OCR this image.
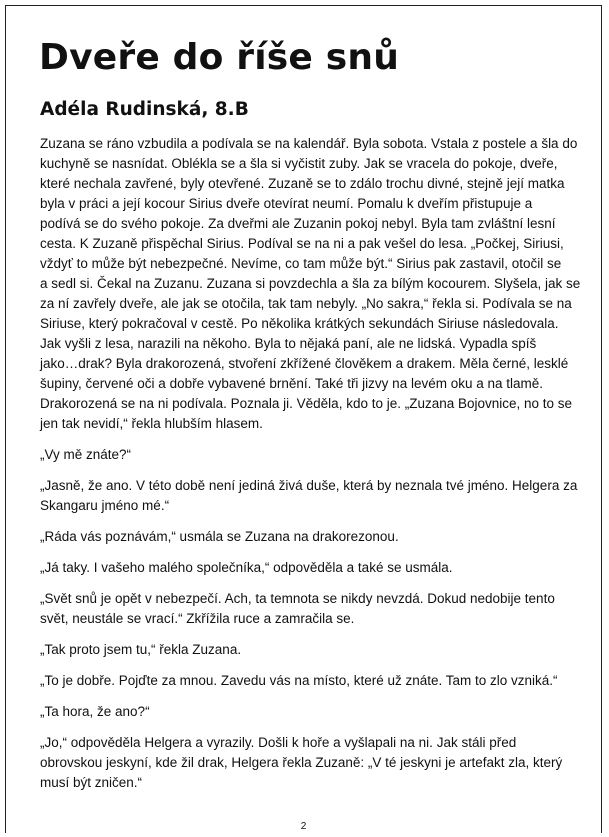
Dveře do říše snů
Adéla Rudinská, 8.B

Zuzana se ráno vzbudila a podívala se na kalendář. Byla sobota. Vstala z postele a šla do
kuchyně se nasnídat. Oblékla se a šla si vyčistit zuby. Jak se vracela do pokoje, dveře,
které nechala zavřené, byly otevřené. Zuzaně se to zdálo trochu divné, stejně její matka
byla v práci a její kocour Sirius dveře otevírat neumí. Pomalu k dveřím přistupuje a
podívá se do svého pokoje. Za dveřmi ale Zuzanin pokoj nebyl. Byla tam zvláštní lesní
cesta. K Zuzaně přispěchal Sirius. Podíval se na ni a pak vešel do lesa. „Počkej, Siriusi,
vždyť to může být nebezpečné. Nevíme, co tam může být.“ Sirius pak zastavil, otočil se
a sedl si. Čekal na Zuzanu. Zuzana si povzdechla a šla za bílým kocourem. Slyšela, jak se
za ní zavřely dveře, ale jak se otočila, tak tam nebyly. „No sakra,“ řekla si. Podívala se na
Siriuse, který pokračoval v cestě. Po několika krátkých sekundách Siriuse následovala.
Jak vyšli z lesa, narazili na někoho. Byla to nějaká paní, ale ne lidská. Vypadla spíš
jako…drak? Byla drakorozená, stvoření zkřížené člověkem a drakem. Měla černé, lesklé
šupiny, červené oči a dobře vybavené brnění. Také tři jizvy na levém oku a na tlamě.
Drakorozená se na ni podívala. Poznala ji. Věděla, kdo to je. „Zuzana Bojovnice, no to se
jen tak nevidí,“ řekla hlubším hlasem.

„Vy mě znáte?“

„Jasně, že ano. V této době není jediná živá duše, která by neznala tvé jméno. Helgera za
Skangaru jméno mé.“

„Ráda vás poznávám,“ usmála se Zuzana na drakorezonou.

„Já taky. I vašeho malého společníka,“ odpověděla a také se usmála.

„Svět snů je opět v nebezpečí. Ach, ta temnota se nikdy nevzdá. Dokud nedobije tento
svět, neustále se vrací.“ Zkřížila ruce a zamračila se.

„Tak proto jsem tu,“ řekla Zuzana.

„To je dobře. Pojďte za mnou. Zavedu vás na místo, které už znáte. Tam to zlo vzniká.“

„Ta hora, že ano?“

„Jo,“ odpověděla Helgera a vyrazily. Došli k hoře a vyšlapali na ni. Jak stáli před
obrovskou jeskyní, kde žil drak, Helgera řekla Zuzaně: „V té jeskyni je artefakt zla, který
musí být zničen.“

2
